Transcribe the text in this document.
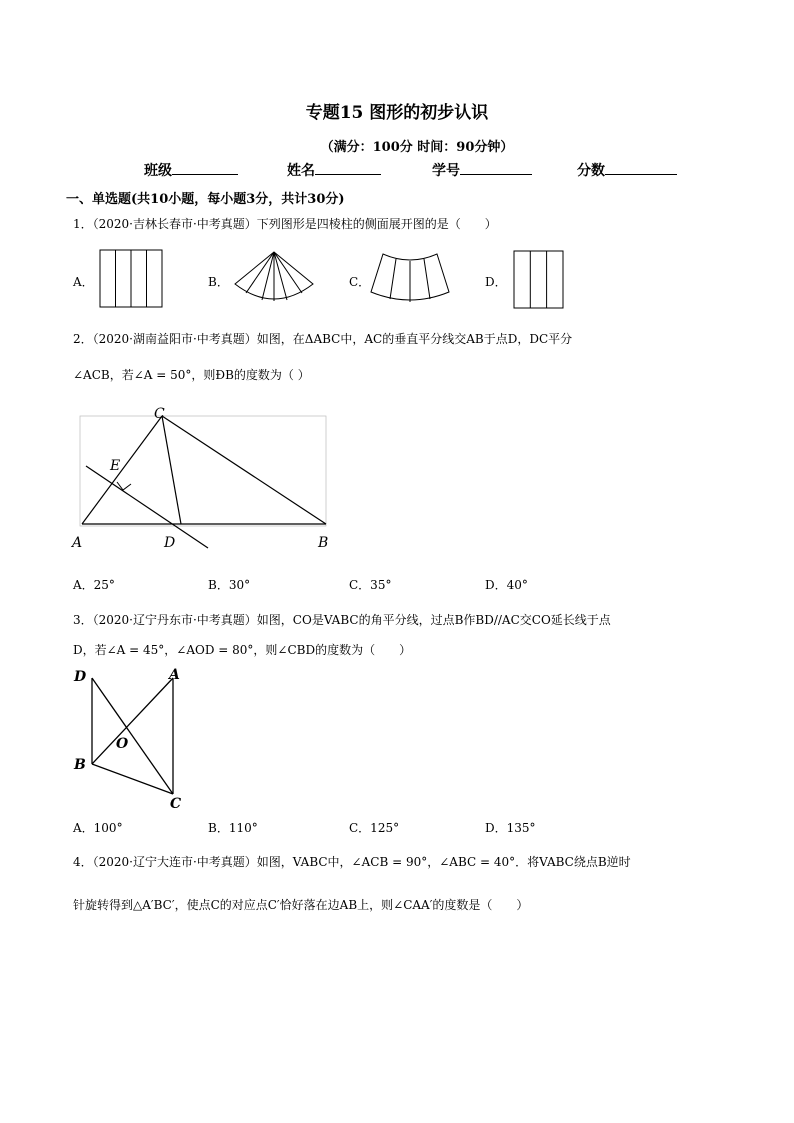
专题15 图形的初步认识
（满分：100分 时间：90分钟）
班级	姓名	学号	分数
一、单选题(共10小题，每小题3分，共计30分)
1．（2020·吉林长春市·中考真题）下列图形是四棱柱的侧面展开图的是（　　）
A．	B．	C．	D．
2．（2020·湖南益阳市·中考真题）如图，在ΔABC中，AC的垂直平分线交AB于点D，DC平分
∠ACB，若∠A = 50°，则ÐB的度数为（ ）
C
E
A	D	B
A．25°	B．30°	C．35°	D．40°
3．（2020·辽宁丹东市·中考真题）如图，CO是VABC的角平分线，过点B作BD//AC交CO延长线于点
D，若∠A = 45°，∠AOD = 80°，则∠CBD的度数为（　　）
D	A
O
B
C
A．100°	B．110°	C．125°	D．135°
4．（2020·辽宁大连市·中考真题）如图，VABC中，∠ACB = 90°，∠ABC = 40°．将VABC绕点B逆时
针旋转得到△A′BC′，使点C的对应点C′恰好落在边AB上，则∠CAA′的度数是（　　）
